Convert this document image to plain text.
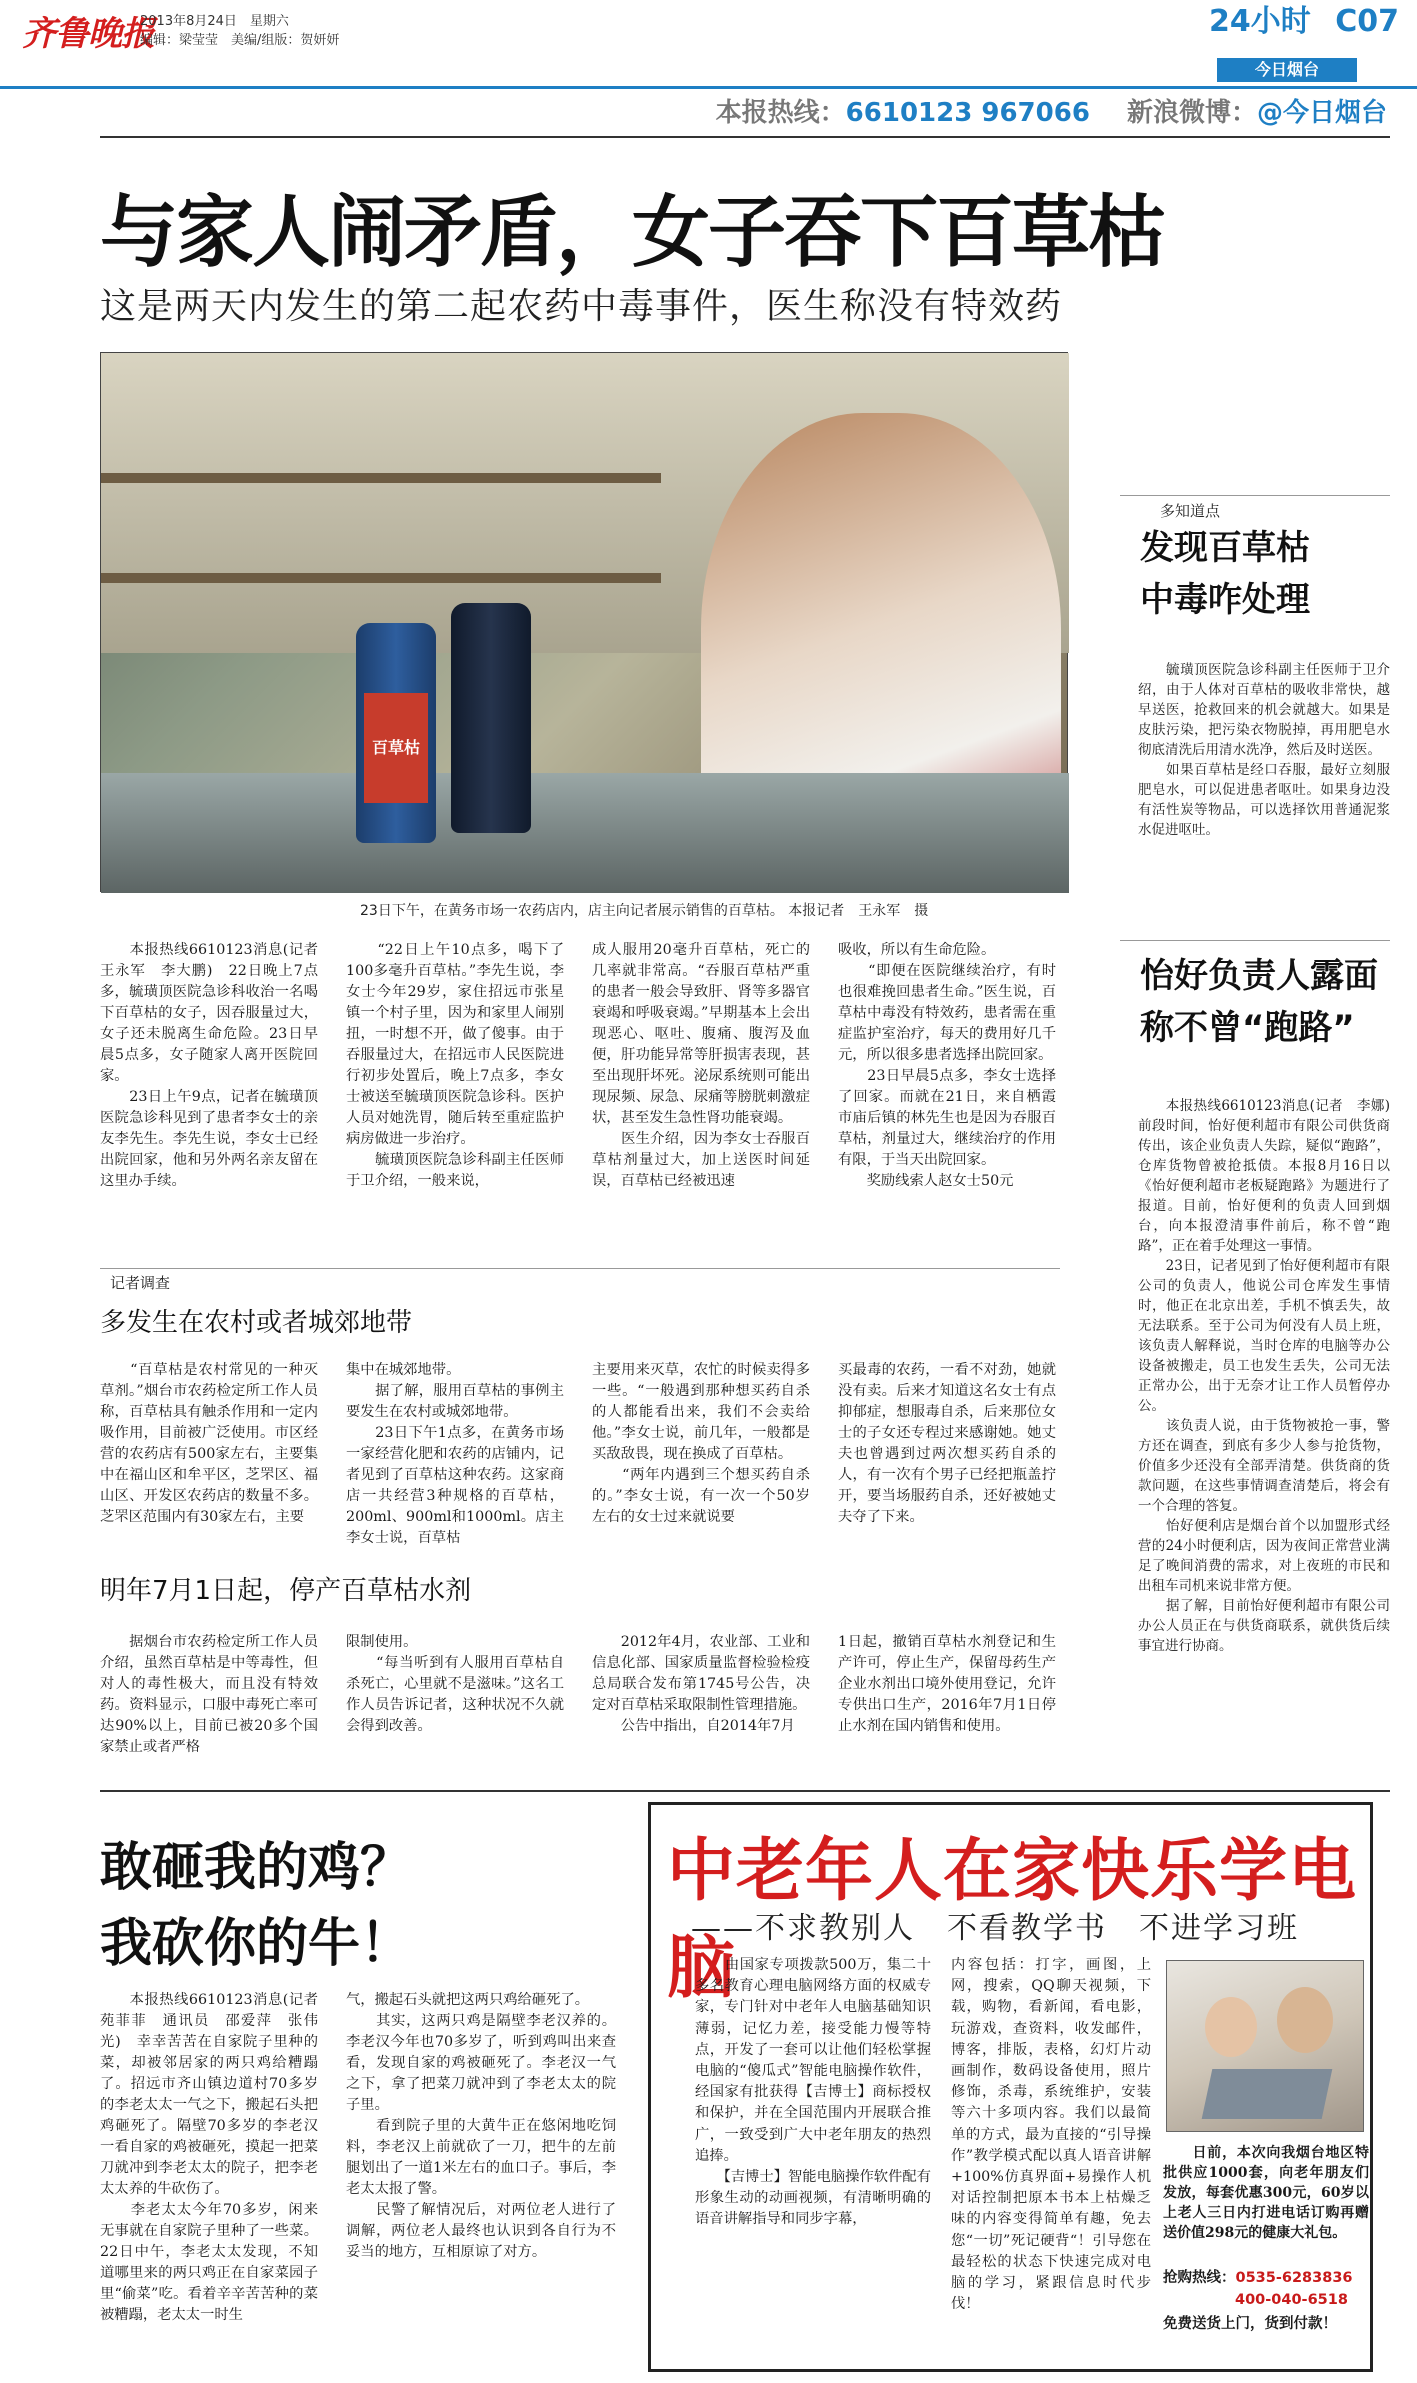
齐鲁晚报
2013年8月24日　星期六
编辑：梁莹莹　美编/组版：贺妍妍
24小时 C07
今日烟台
本报热线：6610123 967066 新浪微博：@今日烟台
与家人闹矛盾，女子吞下百草枯
这是两天内发生的第二起农药中毒事件，医生称没有特效药
百草枯
23日下午，在黄务市场一农药店内，店主向记者展示销售的百草枯。 本报记者　王永军　摄
　　本报热线6610123消息(记者　王永军　李大鹏)　22日晚上7点多，毓璜顶医院急诊科收治一名喝下百草枯的女子，因吞服量过大，女子还未脱离生命危险。23日早晨5点多，女子随家人离开医院回家。
　　23日上午9点，记者在毓璜顶医院急诊科见到了患者李女士的亲友李先生。李先生说，李女士已经出院回家，他和另外两名亲友留在这里办手续。
　　“22日上午10点多，喝下了100多毫升百草枯。”李先生说，李女士今年29岁，家住招远市张星镇一个村子里，因为和家里人闹别扭，一时想不开，做了傻事。由于吞服量过大，在招远市人民医院进行初步处置后，晚上7点多，李女士被送至毓璜顶医院急诊科。医护人员对她洗胃，随后转至重症监护病房做进一步治疗。
　　毓璜顶医院急诊科副主任医师于卫介绍，一般来说，
成人服用20毫升百草枯，死亡的几率就非常高。“吞服百草枯严重的患者一般会导致肝、肾等多器官衰竭和呼吸衰竭。”早期基本上会出现恶心、呕吐、腹痛、腹泻及血便，肝功能异常等肝损害表现，甚至出现肝坏死。泌尿系统则可能出现尿频、尿急、尿痛等膀胱刺激症状，甚至发生急性肾功能衰竭。
　　医生介绍，因为李女士吞服百草枯剂量过大，加上送医时间延误，百草枯已经被迅速
吸收，所以有生命危险。
　　“即便在医院继续治疗，有时也很难挽回患者生命。”医生说，百草枯中毒没有特效药，患者需在重症监护室治疗，每天的费用好几千元，所以很多患者选择出院回家。
　　23日早晨5点多，李女士选择了回家。而就在21日，来自栖霞市庙后镇的林先生也是因为吞服百草枯，剂量过大，继续治疗的作用有限，于当天出院回家。
　　奖励线索人赵女士50元
多知道点
发现百草枯
中毒咋处理
　　毓璜顶医院急诊科副主任医师于卫介绍，由于人体对百草枯的吸收非常快，越早送医，抢救回来的机会就越大。如果是皮肤污染，把污染衣物脱掉，再用肥皂水彻底清洗后用清水洗净，然后及时送医。
　　如果百草枯是经口吞服，最好立刻服肥皂水，可以促进患者呕吐。如果身边没有活性炭等物品，可以选择饮用普通泥浆水促进呕吐。
怡好负责人露面
称不曾“跑路”
　　本报热线6610123消息(记者　李娜)　前段时间，怡好便利超市有限公司供货商传出，该企业负责人失踪，疑似“跑路”，仓库货物曾被抢抵债。本报8月16日以《怡好便利超市老板疑跑路》为题进行了报道。目前，怡好便利的负责人回到烟台，向本报澄清事件前后，称不曾“跑路”，正在着手处理这一事情。
　　23日，记者见到了怡好便利超市有限公司的负责人，他说公司仓库发生事情时，他正在北京出差，手机不慎丢失，故无法联系。至于公司为何没有人员上班，该负责人解释说，当时仓库的电脑等办公设备被搬走，员工也发生丢失，公司无法正常办公，出于无奈才让工作人员暂停办公。
　　该负责人说，由于货物被抢一事，警方还在调查，到底有多少人参与抢货物，价值多少还没有全部弄清楚。供货商的货款问题，在这些事情调查清楚后，将会有一个合理的答复。
　　怡好便利店是烟台首个以加盟形式经营的24小时便利店，因为夜间正常营业满足了晚间消费的需求，对上夜班的市民和出租车司机来说非常方便。
　　据了解，目前怡好便利超市有限公司办公人员正在与供货商联系，就供货后续事宜进行协商。
记者调查
多发生在农村或者城郊地带
　　“百草枯是农村常见的一种灭草剂。”烟台市农药检定所工作人员称，百草枯具有触杀作用和一定内吸作用，目前被广泛使用。市区经营的农药店有500家左右，主要集中在福山区和牟平区，芝罘区、福山区、开发区农药店的数量不多。芝罘区范围内有30家左右，主要
集中在城郊地带。
　　据了解，服用百草枯的事例主要发生在农村或城郊地带。
　　23日下午1点多，在黄务市场一家经营化肥和农药的店铺内，记者见到了百草枯这种农药。这家商店一共经营3种规格的百草枯，200ml、900ml和1000ml。店主李女士说，百草枯
主要用来灭草，农忙的时候卖得多一些。“一般遇到那种想买药自杀的人都能看出来，我们不会卖给他。”李女士说，前几年，一般都是买敌敌畏，现在换成了百草枯。
　　“两年内遇到三个想买药自杀的。”李女士说，有一次一个50岁左右的女士过来就说要
买最毒的农药，一看不对劲，她就没有卖。后来才知道这名女士有点抑郁症，想服毒自杀，后来那位女士的子女还专程过来感谢她。她丈夫也曾遇到过两次想买药自杀的人，有一次有个男子已经把瓶盖拧开，要当场服药自杀，还好被她丈夫夺了下来。
明年7月1日起，停产百草枯水剂
　　据烟台市农药检定所工作人员介绍，虽然百草枯是中等毒性，但对人的毒性极大，而且没有特效药。资料显示，口服中毒死亡率可达90%以上，目前已被20多个国家禁止或者严格
限制使用。
　　“每当听到有人服用百草枯自杀死亡，心里就不是滋味。”这名工作人员告诉记者，这种状况不久就会得到改善。
　　2012年4月，农业部、工业和信息化部、国家质量监督检验检疫总局联合发布第1745号公告，决定对百草枯采取限制性管理措施。
　　公告中指出，自2014年7月
1日起，撤销百草枯水剂登记和生产许可，停止生产，保留母药生产企业水剂出口境外使用登记，允许专供出口生产，2016年7月1日停止水剂在国内销售和使用。
敢砸我的鸡？
我砍你的牛！
　　本报热线6610123消息(记者　苑菲菲　通讯员　邵爱萍　张伟光)　幸幸苦苦在自家院子里种的菜，却被邻居家的两只鸡给糟蹋了。招远市齐山镇边道村70多岁的李老太太一气之下，搬起石头把鸡砸死了。隔壁70多岁的李老汉一看自家的鸡被砸死，摸起一把菜刀就冲到李老太太的院子，把李老太太养的牛砍伤了。
　　李老太太今年70多岁，闲来无事就在自家院子里种了一些菜。22日中午，李老太太发现，不知道哪里来的两只鸡正在自家菜园子里“偷菜”吃。看着辛辛苦苦种的菜被糟蹋，老太太一时生
气，搬起石头就把这两只鸡给砸死了。
　　其实，这两只鸡是隔壁李老汉养的。李老汉今年也70多岁了，听到鸡叫出来查看，发现自家的鸡被砸死了。李老汉一气之下，拿了把菜刀就冲到了李老太太的院子里。
　　看到院子里的大黄牛正在悠闲地吃饲料，李老汉上前就砍了一刀，把牛的左前腿划出了一道1米左右的血口子。事后，李老太太报了警。
　　民警了解情况后，对两位老人进行了调解，两位老人最终也认识到各自行为不妥当的地方，互相原谅了对方。
中老年人在家快乐学电脑
——不求教别人　不看教学书　不进学习班
　　由国家专项拨款500万，集二十多名教育心理电脑网络方面的权威专家，专门针对中老年人电脑基础知识薄弱，记忆力差，接受能力慢等特点，开发了一套可以让他们轻松掌握电脑的“傻瓜式”智能电脑操作软件，经国家有批获得【吉博士】商标授权和保护，并在全国范围内开展联合推广，一致受到广大中老年朋友的热烈追捧。
　　【吉博士】智能电脑操作软件配有形象生动的动画视频，有清晰明确的语音讲解指导和同步字幕，
内容包括：打字，画图，上网，搜索，QQ聊天视频，下载，购物，看新闻，看电影，玩游戏，查资料，收发邮件，博客，排版，表格，幻灯片动画制作，数码设备使用，照片修饰，杀毒，系统维护，安装等六十多项内容。我们以最简单的方式，最为直接的“引导操作”教学模式配以真人语音讲解+100%仿真界面+易操作人机对话控制把原本书本上枯燥乏味的内容变得简单有趣，免去您“一切”死记硬背“！引导您在最轻松的状态下快速完成对电脑的学习，紧跟信息时代步伐！
　　日前，本次向我烟台地区特批供应1000套，向老年朋友们发放，每套优惠300元，60岁以上老人三日内打进电话订购再赠送价值298元的健康大礼包。
抢购热线：0535-6283836
400-040-6518
免费送货上门，货到付款！
